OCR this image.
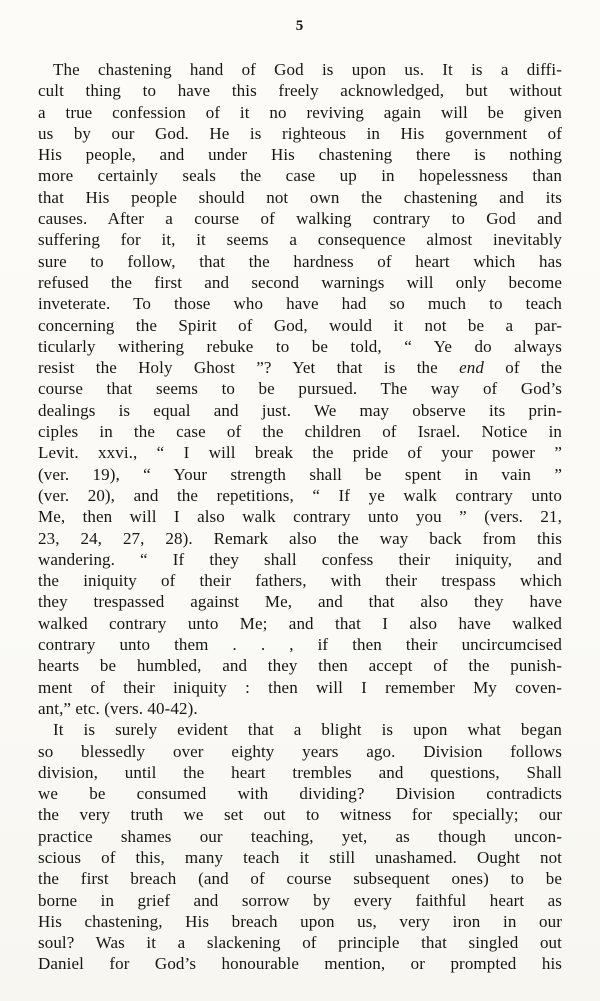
5
The chastening hand of God is upon us. It is a diffi-
cult thing to have this freely acknowledged, but without
a true confession of it no reviving again will be given
us by our God. He is righteous in His government of
His people, and under His chastening there is nothing
more certainly seals the case up in hopelessness than
that His people should not own the chastening and its
causes. After a course of walking contrary to God and
suffering for it, it seems a consequence almost inevitably
sure to follow, that the hardness of heart which has
refused the first and second warnings will only become
inveterate. To those who have had so much to teach
concerning the Spirit of God, would it not be a par-
ticularly withering rebuke to be told, “ Ye do always
resist the Holy Ghost ”? Yet that is the end of the
course that seems to be pursued. The way of God’s
dealings is equal and just. We may observe its prin-
ciples in the case of the children of Israel. Notice in
Levit. xxvi., “ I will break the pride of your power ”
(ver. 19), “ Your strength shall be spent in vain ”
(ver. 20), and the repetitions, “ If ye walk contrary unto
Me, then will I also walk contrary unto you ” (vers. 21,
23, 24, 27, 28). Remark also the way back from this
wandering. “ If they shall confess their iniquity, and
the iniquity of their fathers, with their trespass which
they trespassed against Me, and that also they have
walked contrary unto Me; and that I also have walked
contrary unto them . . , if then their uncircumcised
hearts be humbled, and they then accept of the punish-
ment of their iniquity : then will I remember My coven-
ant,” etc. (vers. 40-42).
It is surely evident that a blight is upon what began
so blessedly over eighty years ago. Division follows
division, until the heart trembles and questions, Shall
we be consumed with dividing? Division contradicts
the very truth we set out to witness for specially; our
practice shames our teaching, yet, as though uncon-
scious of this, many teach it still unashamed. Ought not
the first breach (and of course subsequent ones) to be
borne in grief and sorrow by every faithful heart as
His chastening, His breach upon us, very iron in our
soul? Was it a slackening of principle that singled out
Daniel for God’s honourable mention, or prompted his
